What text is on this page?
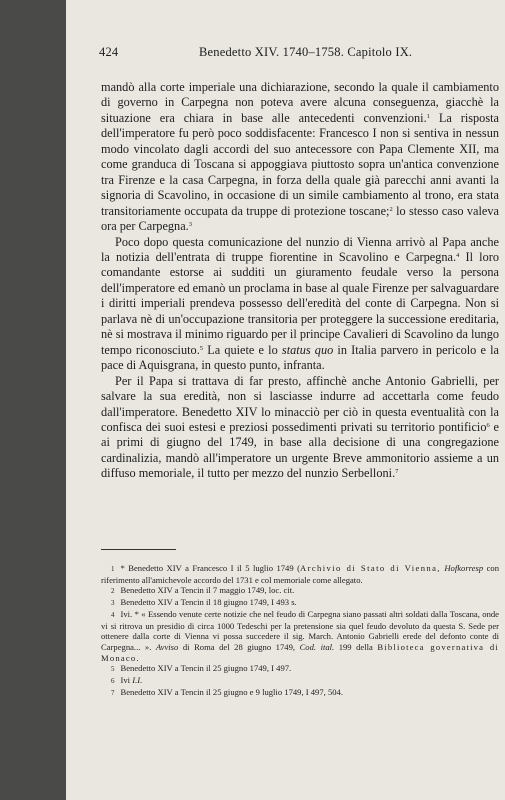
424	Benedetto XIV. 1740–1758. Capitolo IX.

mandò alla corte imperiale una dichiarazione, secondo la quale il cambiamento di governo in Carpegna non poteva avere alcuna conseguenza, giacchè la situazione era chiara in base alle antecedenti convenzioni.$^1$ La risposta dell'imperatore fu però poco soddisfacente: Francesco I non si sentiva in nessun modo vincolato dagli accordi del suo antecessore con Papa Clemente XII, ma come granduca di Toscana si appoggiava piuttosto sopra un'antica convenzione tra Firenze e la casa Carpegna, in forza della quale già parecchi anni avanti la signoria di Scavolino, in occasione di un simile cambiamento al trono, era stata transitoriamente occupata da truppe di protezione toscane;$^2$ lo stesso caso valeva ora per Carpegna.$^3$

Poco dopo questa comunicazione del nunzio di Vienna arrivò al Papa anche la notizia dell'entrata di truppe fiorentine in Scavolino e Carpegna.$^4$ Il loro comandante estorse ai sudditi un giuramento feudale verso la persona dell'imperatore ed emanò un proclama in base al quale Firenze per salvaguardare i diritti imperiali prendeva possesso dell'eredità del conte di Carpegna. Non si parlava nè di un'occupazione transitoria per proteggere la successione ereditaria, nè si mostrava il minimo riguardo per il principe Cavalieri di Scavolino da lungo tempo riconosciuto.$^5$ La quiete e lo status quo in Italia parvero in pericolo e la pace di Aquisgrana, in questo punto, infranta.

Per il Papa si trattava di far presto, affinchè anche Antonio Gabrielli, per salvare la sua eredità, non si lasciasse indurre ad accettarla come feudo dall'imperatore. Benedetto XIV lo minacciò per ciò in questa eventualità con la confisca dei suoi estesi e preziosi possedimenti privati su territorio pontificio$^6$ e ai primi di giugno del 1749, in base alla decisione di una congregazione cardinalizia, mandò all'imperatore un urgente Breve ammonitorio assieme a un diffuso memoriale, il tutto per mezzo del nunzio Serbelloni.$^7$

1 * Benedetto XIV a Francesco I il 5 luglio 1749 (Archivio di Stato di Vienna, Hofkorresp con riferimento all'amichevole accordo del 1731 e col memoriale come allegato.

2 Benedetto XIV a Tencin il 7 maggio 1749, loc. cit.

3 Benedetto XIV a Tencin il 18 giugno 1749, I 493 s.

4 Ivi. * « Essendo venute certe notizie che nel feudo di Carpegna siano passati altri soldati dalla Toscana, onde vi si ritrova un presidio di circa 1000 Tedeschi per la pretensione sia quel feudo devoluto da questa S. Sede per ottenere dalla corte di Vienna vi possa succedere il sig. March. Antonio Gabrielli erede del defonto conte di Carpegna... ». Avviso di Roma del 28 giugno 1749, Cod. ital. 199 della Biblioteca governativa di Monaco.

5 Benedetto XIV a Tencin il 25 giugno 1749, I 497.

6 Ivi I.I.

7 Benedetto XIV a Tencin il 25 giugno e 9 luglio 1749, I 497, 504.
